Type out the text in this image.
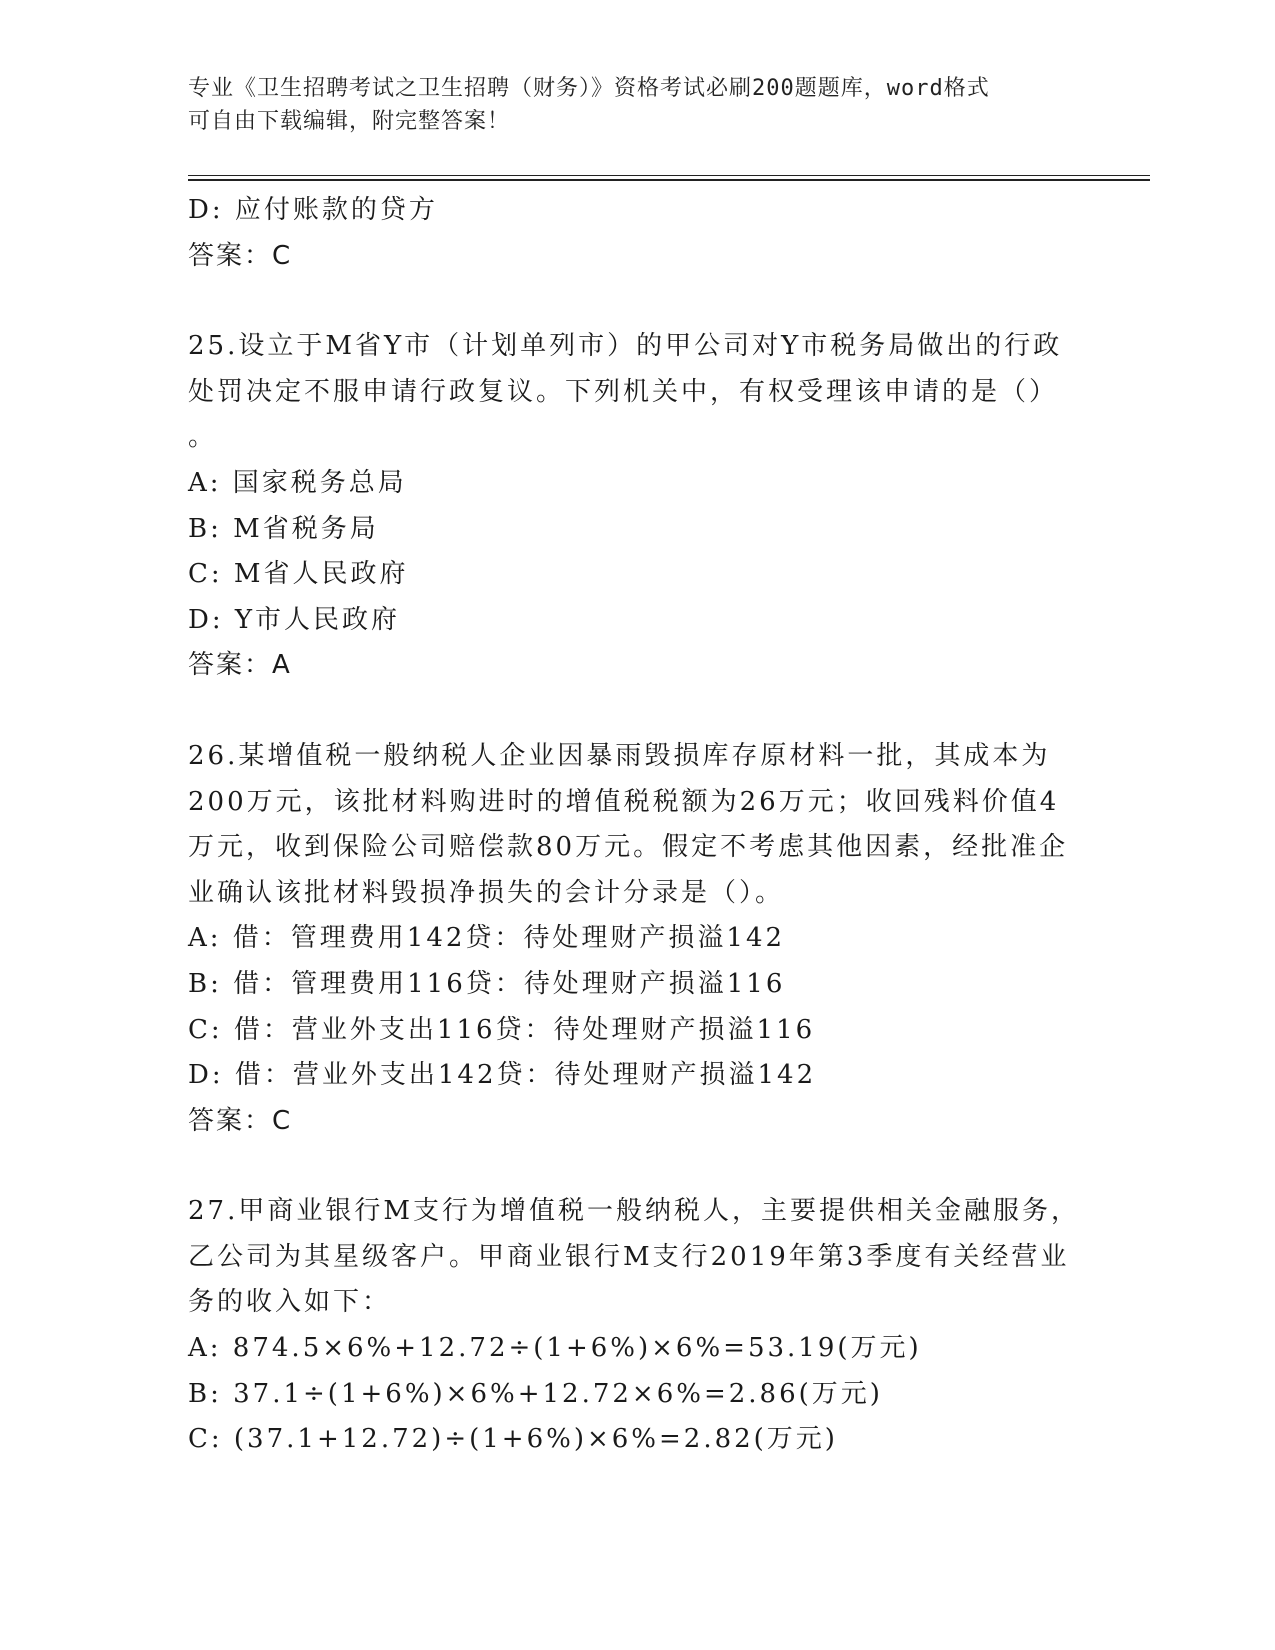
专业《卫生招聘考试之卫生招聘（财务）》资格考试必刷200题题库，word格式
可自由下载编辑，附完整答案！
D: 应付账款的贷方
答案：C
25.设立于M省Y市（计划单列市）的甲公司对Y市税务局做出的行政
处罚决定不服申请行政复议。下列机关中，有权受理该申请的是（）
。
A: 国家税务总局
B: M省税务局
C: M省人民政府
D: Y市人民政府
答案：A
26.某增值税一般纳税人企业因暴雨毁损库存原材料一批，其成本为
200万元，该批材料购进时的增值税税额为26万元；收回残料价值4
万元，收到保险公司赔偿款80万元。假定不考虑其他因素，经批准企
业确认该批材料毁损净损失的会计分录是（）。
A: 借：管理费用142贷：待处理财产损溢142
B: 借：管理费用116贷：待处理财产损溢116
C: 借：营业外支出116贷：待处理财产损溢116
D: 借：营业外支出142贷：待处理财产损溢142
答案：C
27.甲商业银行M支行为增值税一般纳税人，主要提供相关金融服务，
乙公司为其星级客户。甲商业银行M支行2019年第3季度有关经营业
务的收入如下：
A: 874.5×6%+12.72÷(1+6%)×6%=53.19(万元)
B: 37.1÷(1+6%)×6%+12.72×6%=2.86(万元)
C: (37.1+12.72)÷(1+6%)×6%=2.82(万元)
